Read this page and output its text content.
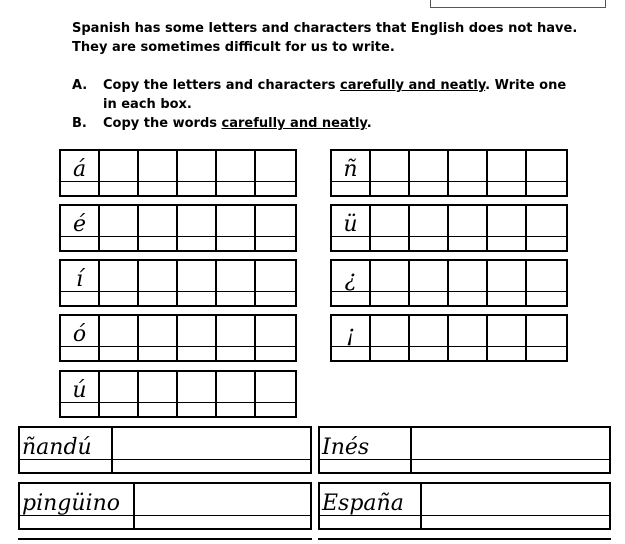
Spanish has some letters and characters that English does not have.
They are sometimes difficult for us to write.
A. Copy the letters and characters carefully and neatly. Write one
in each box.
B. Copy the words carefully and neatly.
á
é
í
ó
ú
ñ
ü
¿
¡
ñandú	Inés
pingüino	España
